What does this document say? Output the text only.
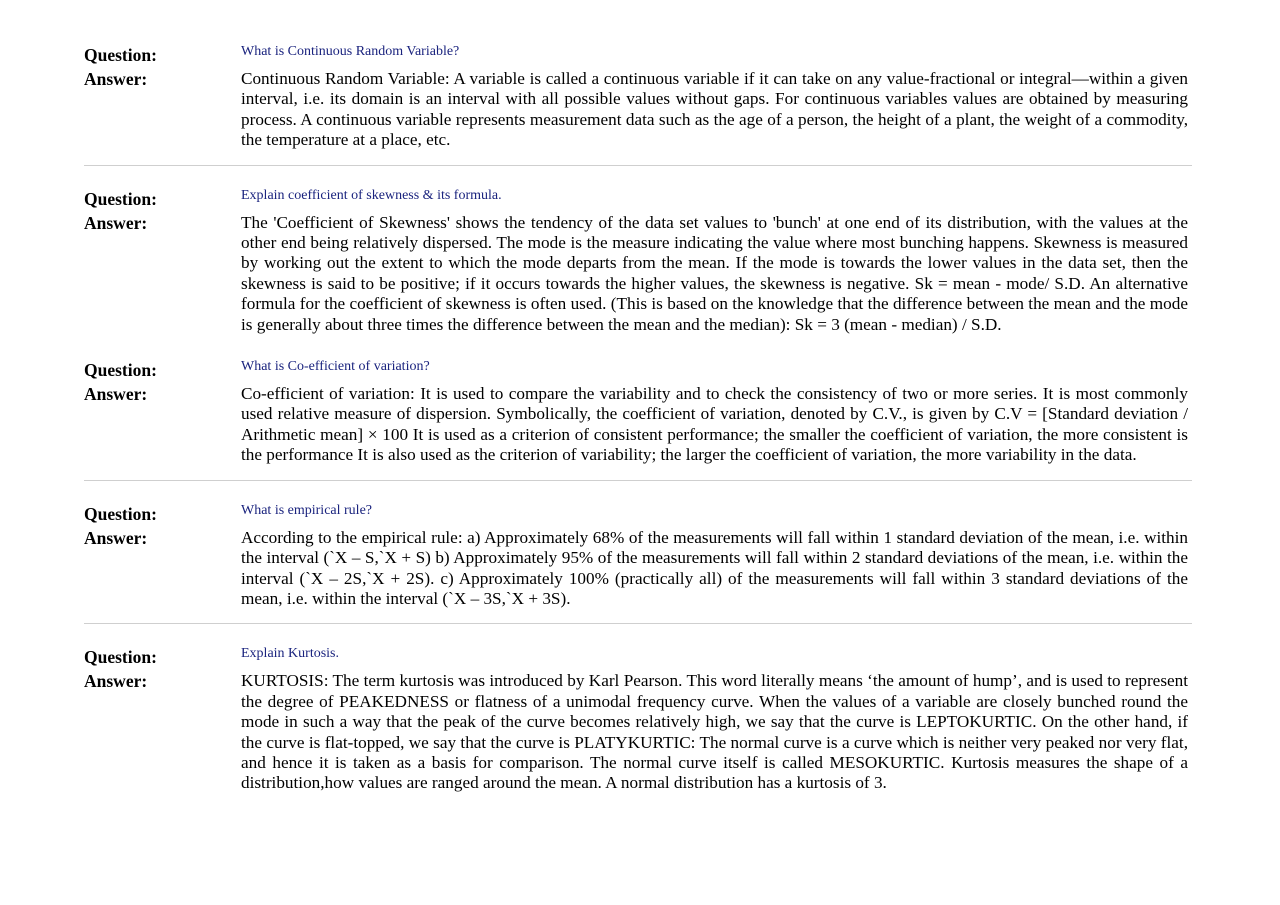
Question:	What is Continuous Random Variable?
Answer:	Continuous Random Variable: A variable is called a continuous variable if it can take on any value-fractional or integral—within a given interval, i.e. its domain is an interval with all possible values without gaps. For continuous variables values are obtained by measuring process. A continuous variable represents measurement data such as the age of a person, the height of a plant, the weight of a commodity, the temperature at a place, etc.
Question:	Explain coefficient of skewness & its formula.
Answer:	The 'Coefficient of Skewness' shows the tendency of the data set values to 'bunch' at one end of its distribution, with the values at the other end being relatively dispersed. The mode is the measure indicating the value where most bunching happens. Skewness is measured by working out the extent to which the mode departs from the mean. If the mode is towards the lower values in the data set, then the skewness is said to be positive; if it occurs towards the higher values, the skewness is negative. Sk = mean - mode/ S.D. An alternative formula for the coefficient of skewness is often used. (This is based on the knowledge that the difference between the mean and the mode is generally about three times the difference between the mean and the median): Sk = 3 (mean - median) / S.D.
Question:	What is Co-efficient of variation?
Answer:	Co-efficient of variation: It is used to compare the variability and to check the consistency of two or more series. It is most commonly used relative measure of dispersion. Symbolically, the coefficient of variation, denoted by C.V., is given by C.V = [Standard deviation / Arithmetic mean] × 100 It is used as a criterion of consistent performance; the smaller the coefficient of variation, the more consistent is the performance It is also used as the criterion of variability; the larger the coefficient of variation, the more variability in the data.
Question:	What is empirical rule?
Answer:	According to the empirical rule: a) Approximately 68% of the measurements will fall within 1 standard deviation of the mean, i.e. within the interval (`X – S,`X + S) b) Approximately 95% of the measurements will fall within 2 standard deviations of the mean, i.e. within the interval (`X – 2S,`X + 2S). c) Approximately 100% (practically all) of the measurements will fall within 3 standard deviations of the mean, i.e. within the interval (`X – 3S,`X + 3S).
Question:	Explain Kurtosis.
Answer:	KURTOSIS: The term kurtosis was introduced by Karl Pearson. This word literally means ‘the amount of hump’, and is used to represent the degree of PEAKEDNESS or flatness of a unimodal frequency curve. When the values of a variable are closely bunched round the mode in such a way that the peak of the curve becomes relatively high, we say that the curve is LEPTOKURTIC. On the other hand, if the curve is flat-topped, we say that the curve is PLATYKURTIC: The normal curve is a curve which is neither very peaked nor very flat, and hence it is taken as a basis for comparison. The normal curve itself is called MESOKURTIC. Kurtosis measures the shape of a distribution,how values are ranged around the mean. A normal distribution has a kurtosis of 3.
